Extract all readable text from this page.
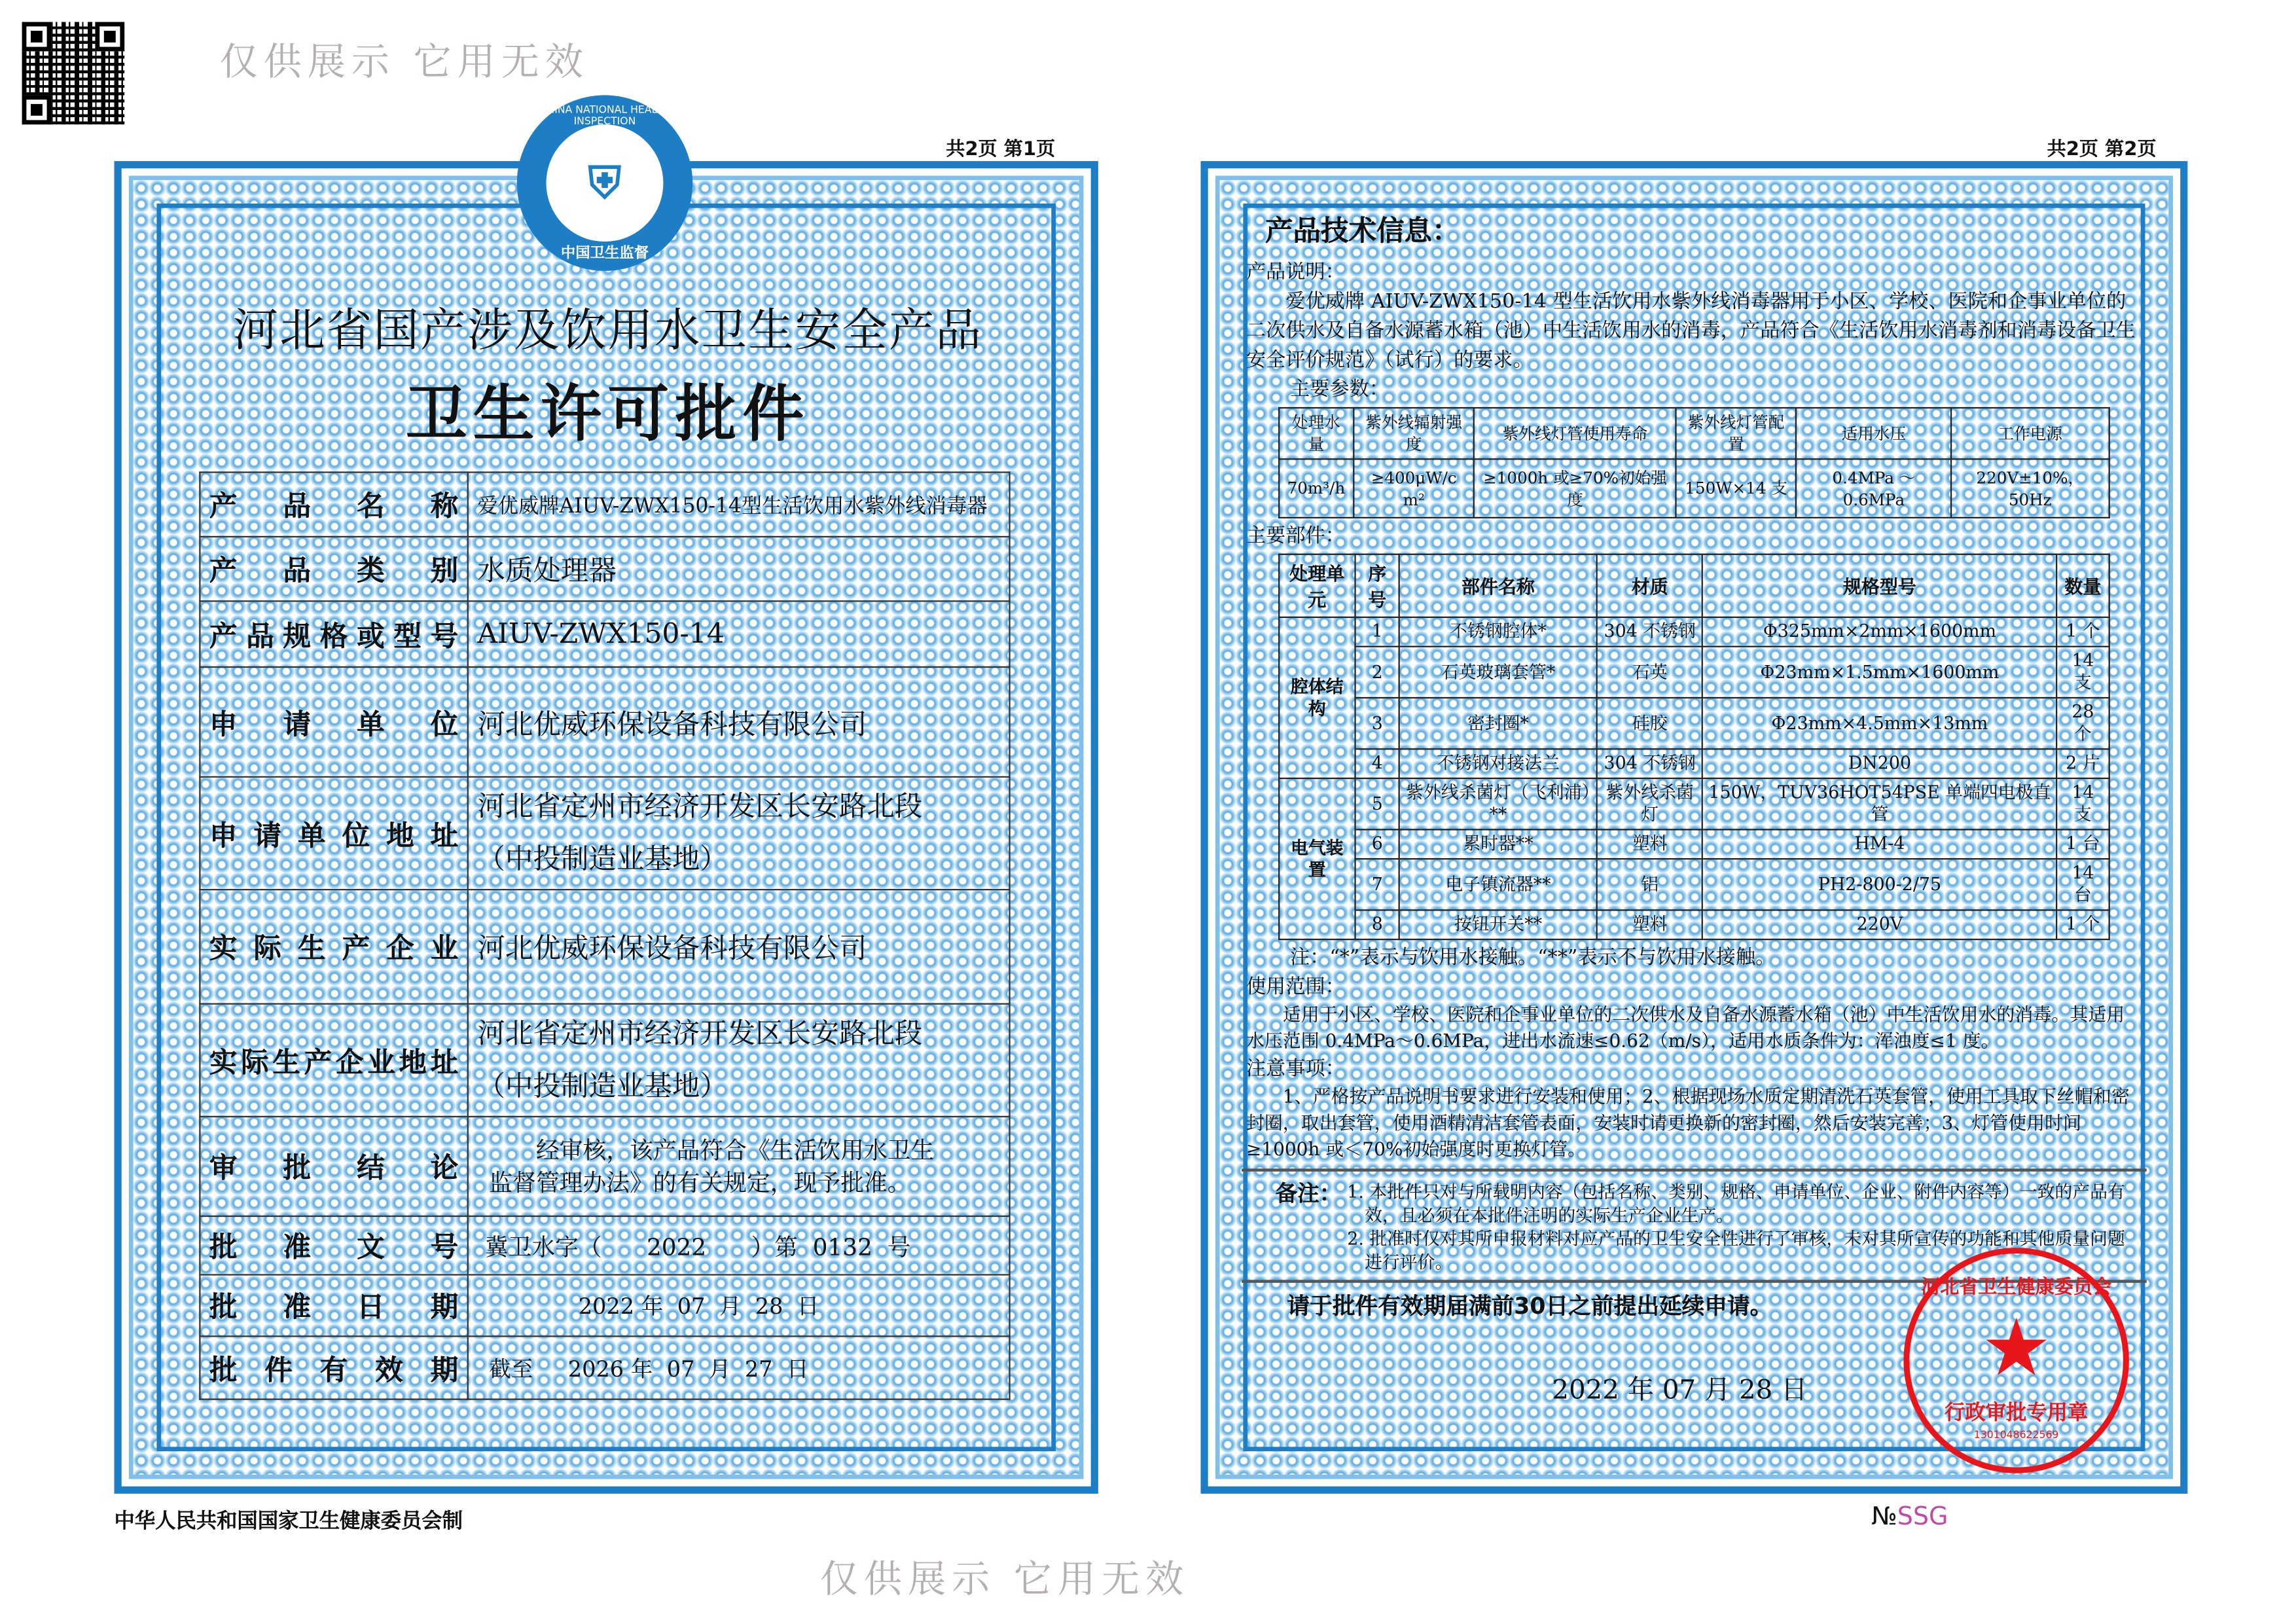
共2页 第1页
CHINA NATIONAL HEALTH INSPECTION
⛨
中国卫生监督
河北省国产涉及饮用水卫生安全产品
卫生许可批件
产品名称	爱优威牌AIUV-ZWX150-14型生活饮用水紫外线消毒器

产品类别	水质处理器

产品规格或型号	AIUV-ZWX150-14

申请单位	河北优威环保设备科技有限公司

申请单位地址	河北省定州市经济开发区长安路北段
（中投制造业基地）

实际生产企业	河北优威环保设备科技有限公司

实际生产企业地址	河北省定州市经济开发区长安路北段
（中投制造业基地）

审批结论	经审核，该产品符合《生活饮用水卫生
监督管理办法》的有关规定，现予批准。

批准文号	冀卫水字（ 2022 ）第 0132 号

批准日期	2022 年 07 月 28 日

批件有效期	截至 2026 年 07 月 27 日
中华人民共和国国家卫生健康委员会制
共2页 第2页
产品技术信息：
产品说明：
爱优威牌 AIUV-ZWX150-14 型生活饮用水紫外线消毒器用于小区、学校、医院和企事业单位的二次供水及自备水源蓄水箱（池）中生活饮用水的消毒，产品符合《生活饮用水消毒剂和消毒设备卫生安全评价规范》（试行）的要求。
主要参数：
处理水量	紫外线辐射强度	紫外线灯管使用寿命	紫外线灯管配置	适用水压	工作电源
70m³/h	≥400μW/c m²	≥1000h 或≥70%初始强度	150W×14 支	0.4MPa ～ 0.6MPa	220V±10%，50Hz
主要部件：
处理单元	序号	部件名称	材质	规格型号	数量
腔体结构	1	不锈钢腔体*	304 不锈钢	Φ325mm×2mm×1600mm	1 个
	2	石英玻璃套管*	石英	Φ23mm×1.5mm×1600mm	14 支
	3	密封圈*	硅胶	Φ23mm×4.5mm×13mm	28 个
	4	不锈钢对接法兰	304 不锈钢	DN200	2 片
电气装置	5	紫外线杀菌灯（飞利浦）**	紫外线杀菌灯	150W，TUV36HOT54PSE 单端四电极直管	14 支
	6	累时器**	塑料	HM-4	1 台
	7	电子镇流器**	铝	PH2-800-2/75	14 台
	8	按钮开关**	塑料	220V	1 个
注：“*”表示与饮用水接触。“**”表示不与饮用水接触。
使用范围：
适用于小区、学校、医院和企事业单位的二次供水及自备水源蓄水箱（池）中生活饮用水的消毒。其适用水压范围 0.4MPa～0.6MPa，进出水流速≤0.62（m/s），适用水质条件为：浑浊度≤1 度。
注意事项：
1、严格按产品说明书要求进行安装和使用；2、根据现场水质定期清洗石英套管，使用工具取下丝帽和密封圈，取出套管，使用酒精清洁套管表面，安装时请更换新的密封圈，然后安装完善；3、灯管使用时间≥1000h 或＜70%初始强度时更换灯管。
备注： 1. 本批件只对与所载明内容（包括名称、类别、规格、申请单位、企业、附件内容等）一致的产品有效，且必须在本批件注明的实际生产企业生产。
2. 批准时仅对其所申报材料对应产品的卫生安全性进行了审核，未对其所宣传的功能和其他质量问题进行评价。
请于批件有效期届满前30日之前提出延续申请。
河北省卫生健康委员会
★
行政审批专用章
1301048622569
2022 年 07 月 28 日
№SSG
仅供展示 它用无效
仅供展示 它用无效
